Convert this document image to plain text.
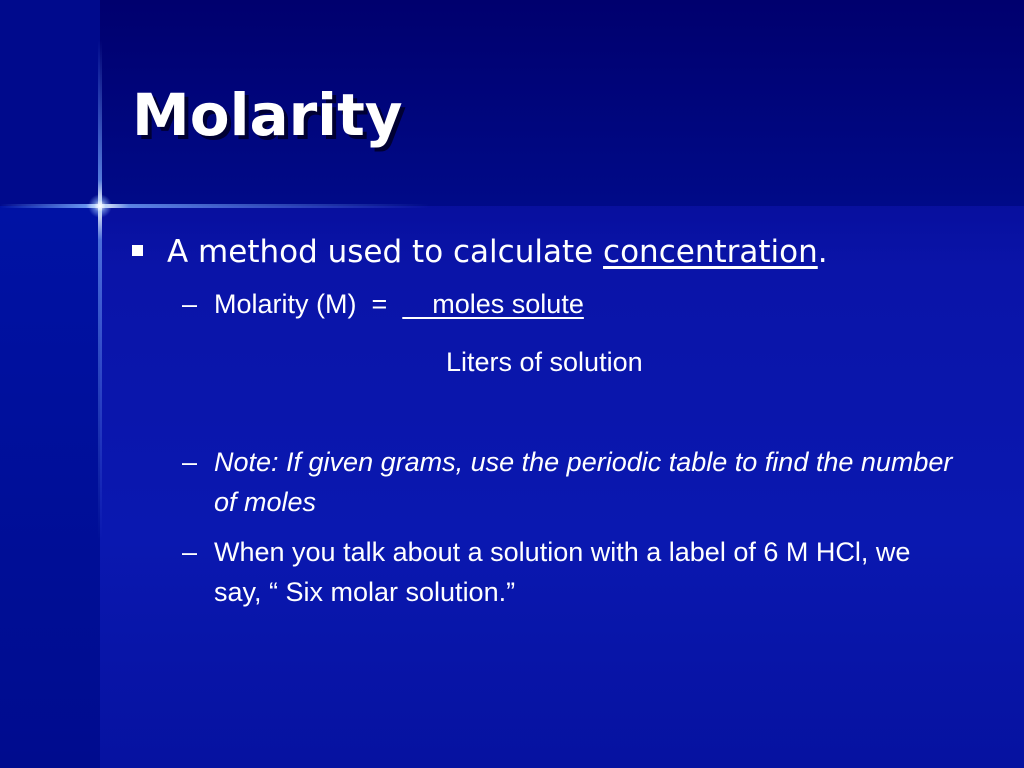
Molarity
A method used to calculate concentration.
– Molarity (M)  =      moles solute
Liters of solution
– Note: If given grams, use the periodic table to find the number of moles
– When you talk about a solution with a label of 6 M HCl, we say, “ Six molar solution.”
